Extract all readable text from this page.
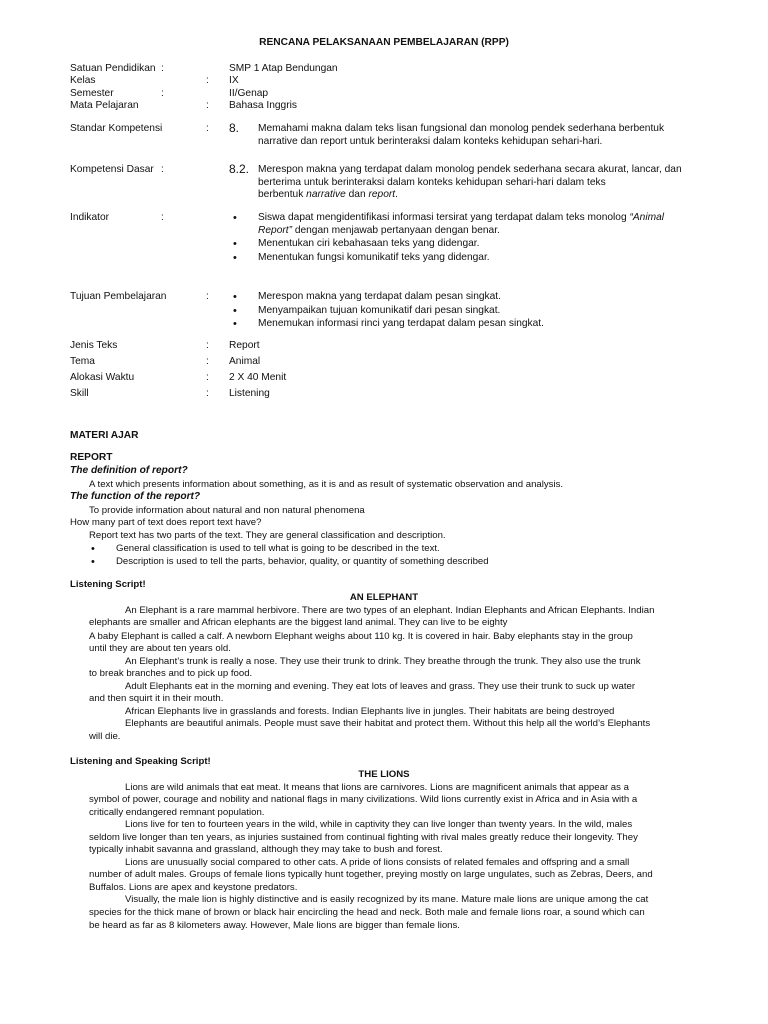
RENCANA PELAKSANAAN PEMBELAJARAN (RPP)
Satuan Pendidikan :	SMP 1 Atap Bendungan
Kelas	: IX
Semester	:	II/Genap
Mata Pelajaran	: Bahasa Inggris
Standar Kompetensi	: 8. Memahami makna dalam teks lisan fungsional dan monolog pendek sederhana berbentuk
narrative dan report untuk berinteraksi dalam konteks kehidupan sehari-hari.
Kompetensi Dasar :	8.2. Merespon makna yang terdapat dalam monolog pendek sederhana secara akurat, lancar, dan
berterima untuk berinteraksi dalam konteks kehidupan sehari-hari dalam teks
berbentuk narrative dan report.
Indikator	:	• Siswa dapat mengidentifikasi informasi tersirat yang terdapat dalam teks monolog “Animal
Report” dengan menjawab pertanyaan dengan benar.
• Menentukan ciri kebahasaan teks yang didengar.
• Menentukan fungsi komunikatif teks yang didengar.
Tujuan Pembelajaran	:	• Merespon makna yang terdapat dalam pesan singkat.
• Menyampaikan tujuan komunikatif dari pesan singkat.
• Menemukan informasi rinci yang terdapat dalam pesan singkat.
Jenis Teks	: Report
Tema	: Animal
Alokasi Waktu	: 2 X 40 Menit
Skill	: Listening
MATERI AJAR
REPORT
The definition of report?
A text which presents information about something, as it is and as result of systematic observation and analysis.
The function of the report?
To provide information about natural and non natural phenomena
How many part of text does report text have?
Report text has two parts of the text. They are general classification and description.
• General classification is used to tell what is going to be described in the text.
• Description is used to tell the parts, behavior, quality, or quantity of something described
Listening Script!
AN ELEPHANT
An Elephant is a rare mammal herbivore. There are two types of an elephant. Indian Elephants and African Elephants. Indian
elephants are smaller and African elephants are the biggest land animal. They can live to be eighty
A baby Elephant is called a calf. A newborn Elephant weighs about 110 kg. It is covered in hair. Baby elephants stay in the group
until they are about ten years old.
An Elephant’s trunk is really a nose. They use their trunk to drink. They breathe through the trunk. They also use the trunk
to break branches and to pick up food.
Adult Elephants eat in the morning and evening. They eat lots of leaves and grass. They use their trunk to suck up water
and then squirt it in their mouth.
African Elephants live in grasslands and forests. Indian Elephants live in jungles. Their habitats are being destroyed
Elephants are beautiful animals. People must save their habitat and protect them. Without this help all the world’s Elephants
will die.
Listening and Speaking Script!
THE LIONS
Lions are wild animals that eat meat. It means that lions are carnivores. Lions are magnificent animals that appear as a
symbol of power, courage and nobility and national flags in many civilizations. Wild lions currently exist in Africa and in Asia with a
critically endangered remnant population.
Lions live for ten to fourteen years in the wild, while in captivity they can live longer than twenty years. In the wild, males
seldom live longer than ten years, as injuries sustained from continual fighting with rival males greatly reduce their longevity. They
typically inhabit savanna and grassland, although they may take to bush and forest.
Lions are unusually social compared to other cats. A pride of lions consists of related females and offspring and a small
number of adult males. Groups of female lions typically hunt together, preying mostly on large ungulates, such as Zebras, Deers, and
Buffalos. Lions are apex and keystone predators.
Visually, the male lion is highly distinctive and is easily recognized by its mane. Mature male lions are unique among the cat
species for the thick mane of brown or black hair encircling the head and neck. Both male and female lions roar, a sound which can
be heard as far as 8 kilometers away. However, Male lions are bigger than female lions.
